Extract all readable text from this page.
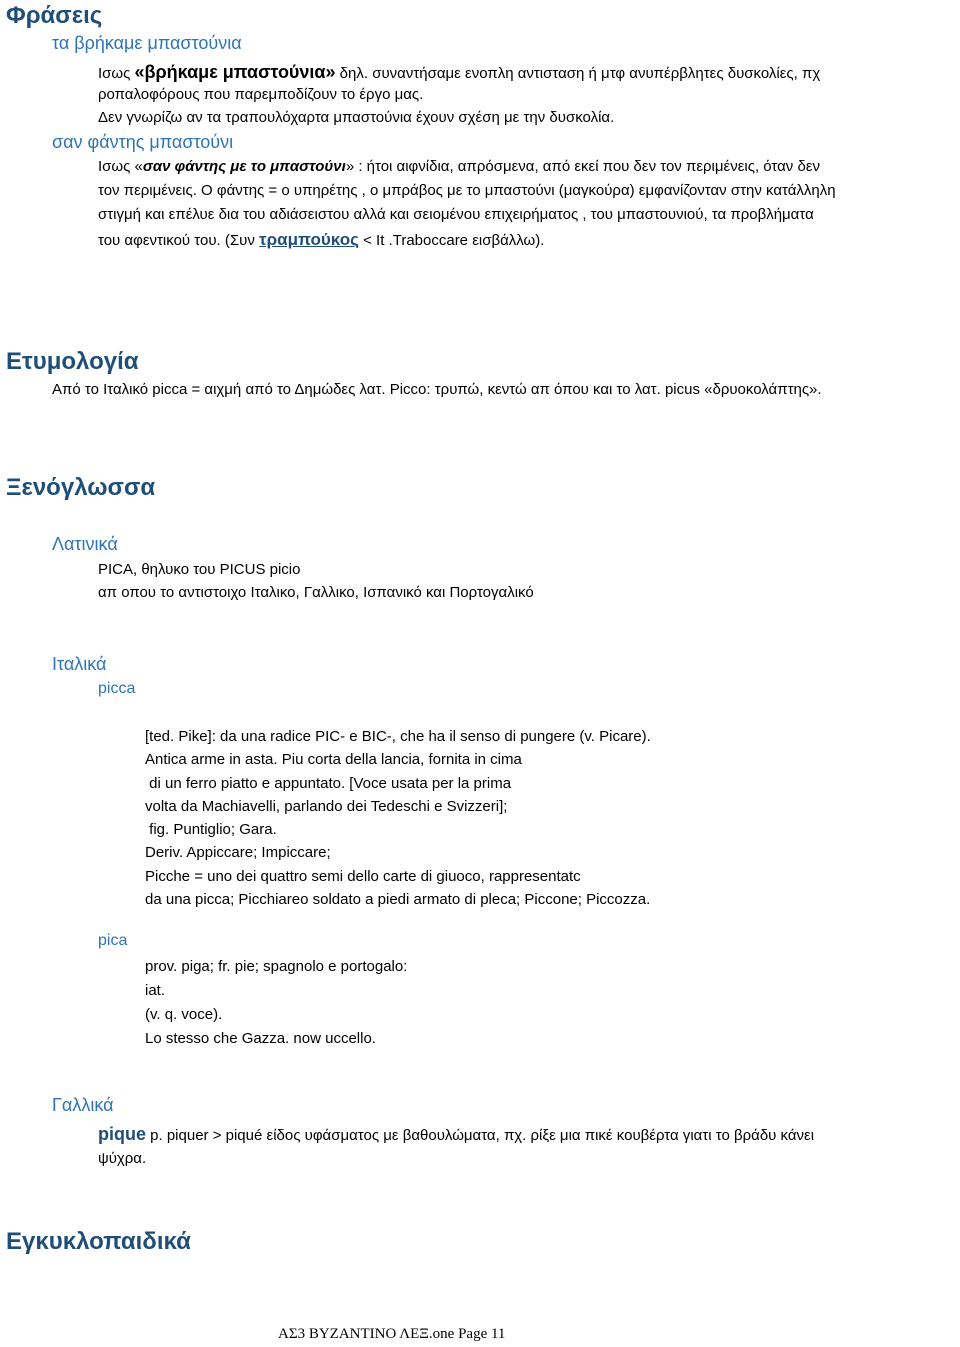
Φράσεις
τα βρήκαμε μπαστούνια
Ισως «βρήκαμε μπαστούνια» δηλ. συναντήσαμε ενοπλη αντισταση ή μτφ ανυπέρβλητες δυσκολίες, πχ
ροπαλοφόρους που παρεμποδίζουν το έργο μας.
Δεν γνωρίζω αν τα τραπουλόχαρτα μπαστούνια έχουν σχέση με την δυσκολία.
σαν φάντης μπαστούνι
Ισως «σαν φάντης με το μπαστούνι» : ήτοι αιφνίδια, απρόσμενα, από εκεί που δεν τον περιμένεις, όταν δεν
τον περιμένεις. Ο φάντης = ο υπηρέτης , ο μπράβος με το μπαστούνι (μαγκούρα) εμφανίζονταν στην κατάλληλη
στιγμή και επέλυε δια του αδιάσειστου αλλά και σειομένου επιχειρήματος , του μπαστουνιού, τα προβλήματα
του αφεντικού του. (Συν τραμπούκος < It .Traboccare εισβάλλω).
Ετυμολογία
Από το Ιταλικό picca = αιχμή από το Δημώδες λατ. Picco: τρυπώ, κεντώ απ όπου και το λατ. picus «δρυοκολάπτης».
Ξενόγλωσσα
Λατινικά
PICA, θηλυκο του PICUS picio
απ οπου το αντιστοιχο Ιταλικο, Γαλλικο, Ισπανικό και Πορτογαλικό
Ιταλικά
picca
[ted. Pike]: da una radice PIC- e BIC-, che ha il senso di pungere (v. Picare).
Antica arme in asta. Piu corta della lancia, fornita in cima
di un ferro piatto e appuntato. [Voce usata per la prima
volta da Machiavelli, parlando dei Tedeschi e Svizzeri];
fig. Puntiglio; Gara.
Deriv. Appiccare; Impiccare;
Picche = uno dei quattro semi dello carte di giuoco, rappresentatc
da una picca; Picchiareo soldato a piedi armato di pleca; Piccone; Piccozza.
pica
prov. piga; fr. pie; spagnolo e portogalo:
iat.
(v. q. voce).
Lo stesso che Gazza. now uccello.
Γαλλικά
pique p. piquer > piqué είδος υφάσματος με βαθουλώματα, πχ. ρίξε μια πικέ κουβέρτα γιατι το βράδυ κάνει
ψύχρα.
Εγκυκλοπαιδικά
ΑΣ3 ΒΥΖΑΝΤΙΝΟ ΛΕΞ.one Page 11
